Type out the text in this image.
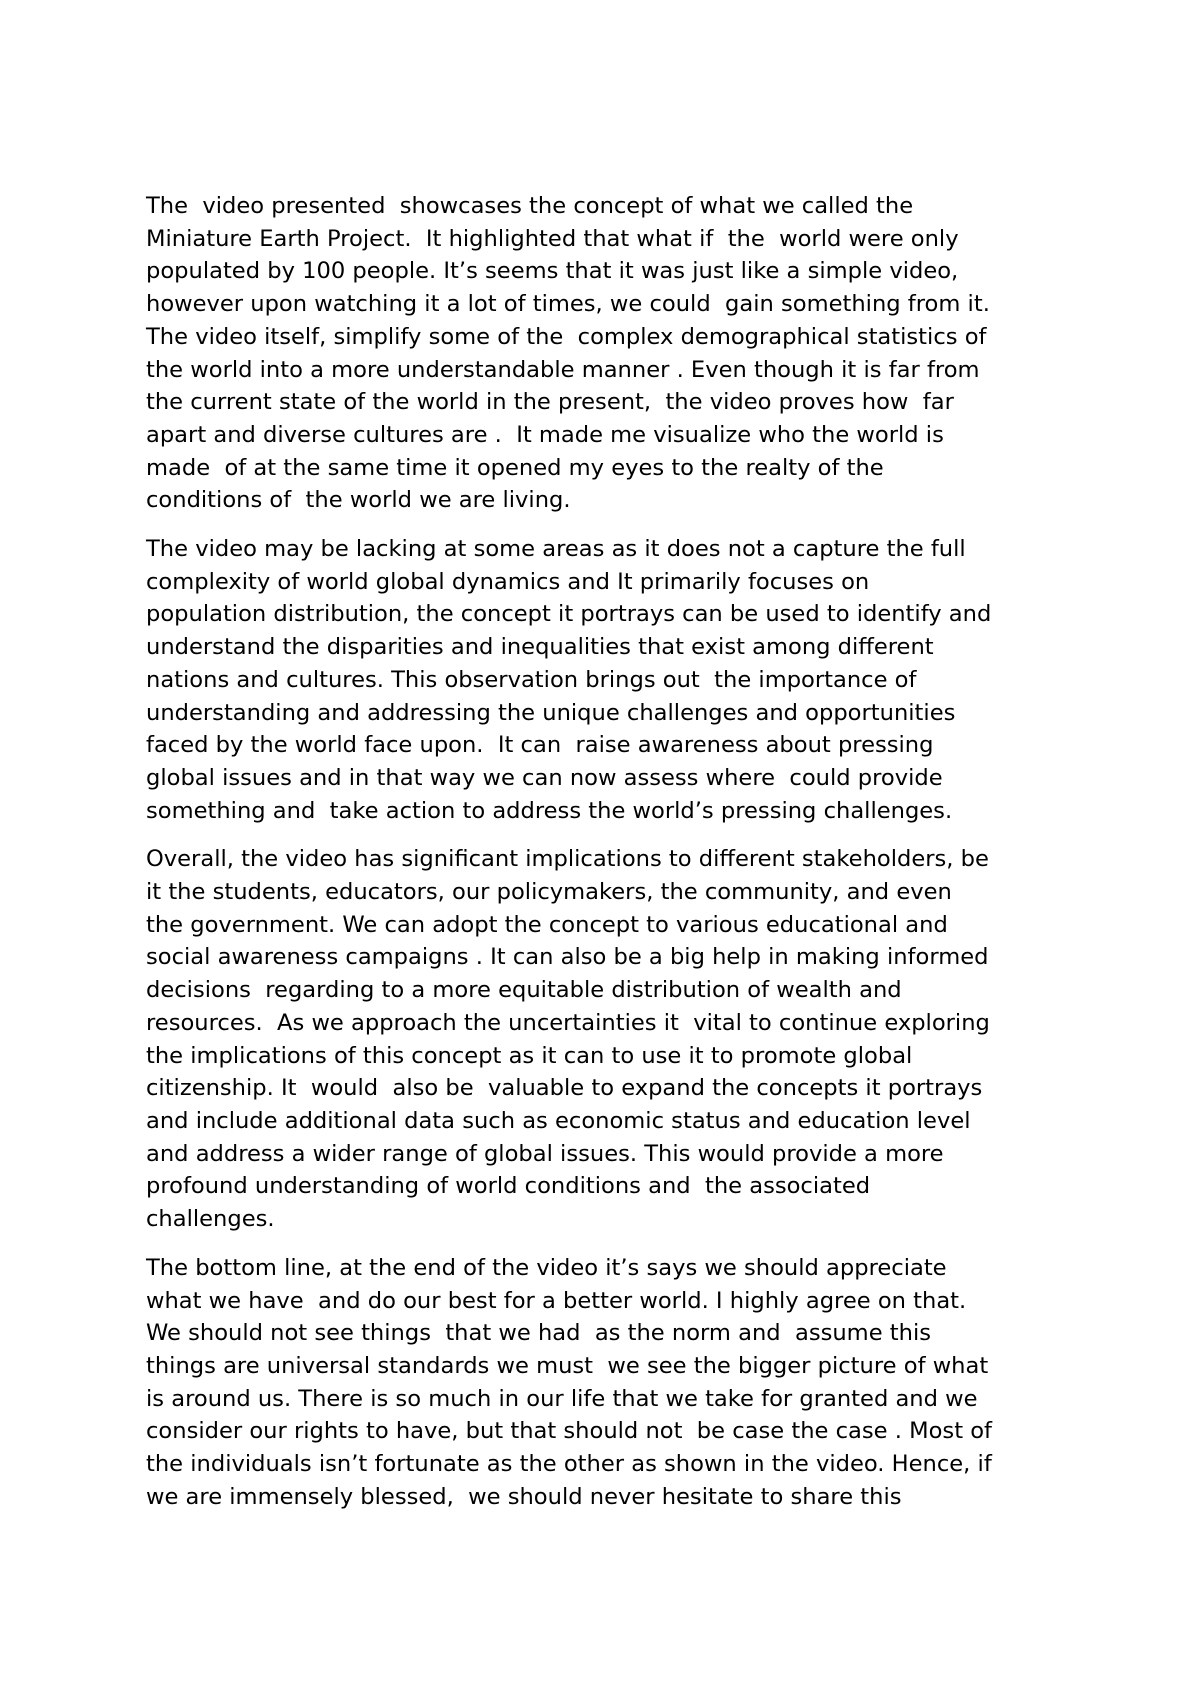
The  video presented  showcases the concept of what we called the
Miniature Earth Project.  It highlighted that what if  the  world were only
populated by 100 people. It’s seems that it was just like a simple video,
however upon watching it a lot of times, we could  gain something from it.
The video itself, simplify some of the  complex demographical statistics of
the world into a more understandable manner . Even though it is far from
the current state of the world in the present,  the video proves how  far
apart and diverse cultures are .  It made me visualize who the world is
made  of at the same time it opened my eyes to the realty of the
conditions of  the world we are living.
The video may be lacking at some areas as it does not a capture the full
complexity of world global dynamics and It primarily focuses on
population distribution, the concept it portrays can be used to identify and
understand the disparities and inequalities that exist among different
nations and cultures. This observation brings out  the importance of
understanding and addressing the unique challenges and opportunities
faced by the world face upon.  It can  raise awareness about pressing
global issues and in that way we can now assess where  could provide
something and  take action to address the world’s pressing challenges.
Overall, the video has significant implications to different stakeholders, be
it the students, educators, our policymakers, the community, and even
the government. We can adopt the concept to various educational and
social awareness campaigns . It can also be a big help in making informed
decisions  regarding to a more equitable distribution of wealth and
resources.  As we approach the uncertainties it  vital to continue exploring
the implications of this concept as it can to use it to promote global
citizenship. It  would  also be  valuable to expand the concepts it portrays
and include additional data such as economic status and education level
and address a wider range of global issues. This would provide a more
profound understanding of world conditions and  the associated
challenges.
The bottom line, at the end of the video it’s says we should appreciate
what we have  and do our best for a better world. I highly agree on that.
We should not see things  that we had  as the norm and  assume this
things are universal standards we must  we see the bigger picture of what
is around us. There is so much in our life that we take for granted and we
consider our rights to have, but that should not  be case the case . Most of
the individuals isn’t fortunate as the other as shown in the video. Hence, if
we are immensely blessed,  we should never hesitate to share this
